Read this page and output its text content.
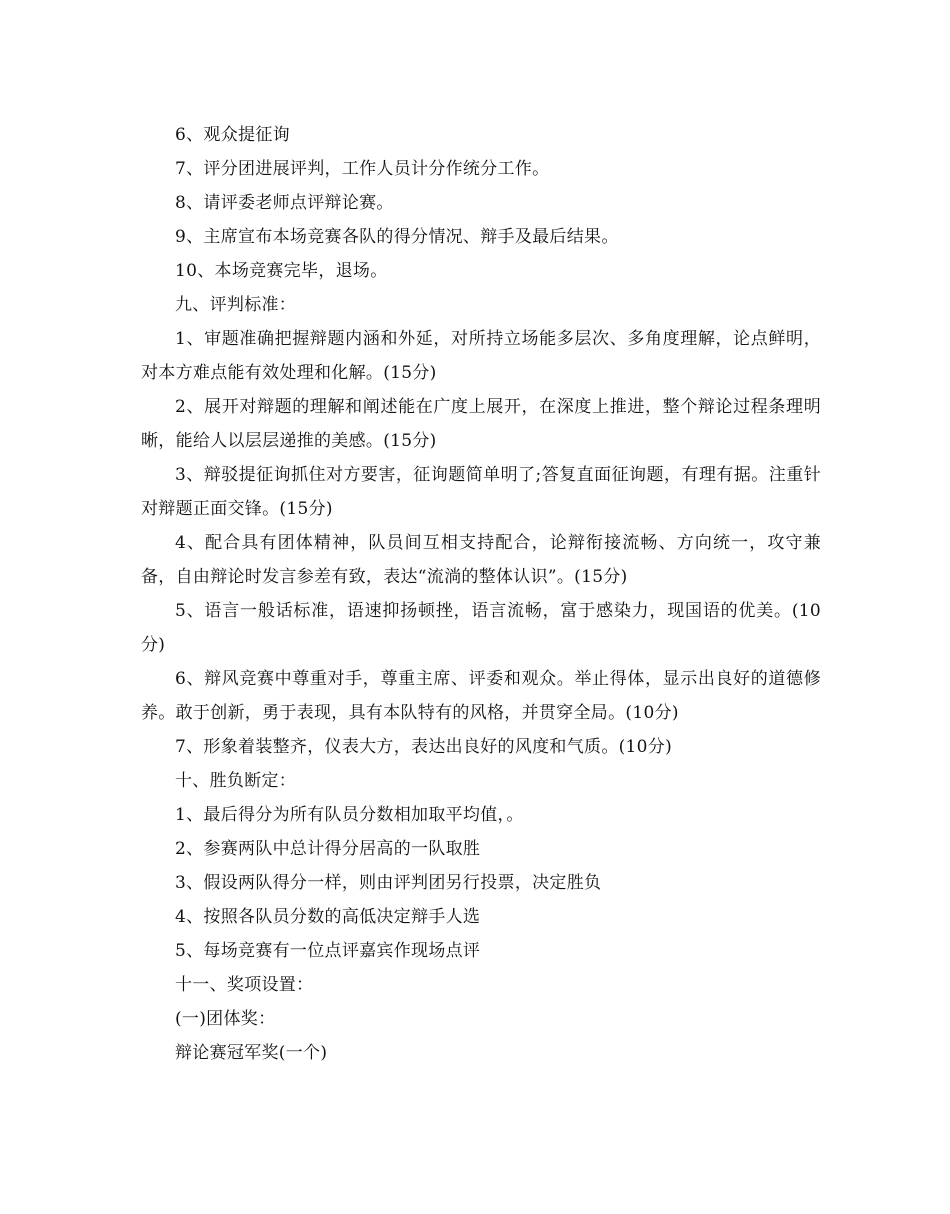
6、观众提征询

7、评分团进展评判，工作人员计分作统分工作。

8、请评委老师点评辩论赛。

9、主席宣布本场竞赛各队的得分情况、辩手及最后结果。

10、本场竞赛完毕，退场。

九、评判标准：

1、审题准确把握辩题内涵和外延，对所持立场能多层次、多角度理解，论点鲜明，对本方难点能有效处理和化解。(15分)

2、展开对辩题的理解和阐述能在广度上展开，在深度上推进，整个辩论过程条理明晰，能给人以层层递推的美感。(15分)

3、辩驳提征询抓住对方要害，征询题简单明了;答复直面征询题，有理有据。注重针对辩题正面交锋。(15分)

4、配合具有团体精神，队员间互相支持配合，论辩衔接流畅、方向统一，攻守兼备，自由辩论时发言参差有致，表达“流淌的整体认识”。(15分)

5、语言一般话标准，语速抑扬顿挫，语言流畅，富于感染力，现国语的优美。(10分)

6、辩风竞赛中尊重对手，尊重主席、评委和观众。举止得体，显示出良好的道德修养。敢于创新，勇于表现，具有本队特有的风格，并贯穿全局。(10分)

7、形象着装整齐，仪表大方，表达出良好的风度和气质。(10分)

十、胜负断定：

1、最后得分为所有队员分数相加取平均值，。

2、参赛两队中总计得分居高的一队取胜

3、假设两队得分一样，则由评判团另行投票，决定胜负

4、按照各队员分数的高低决定辩手人选

5、每场竞赛有一位点评嘉宾作现场点评

十一、奖项设置：

(一)团体奖：

辩论赛冠军奖(一个)
